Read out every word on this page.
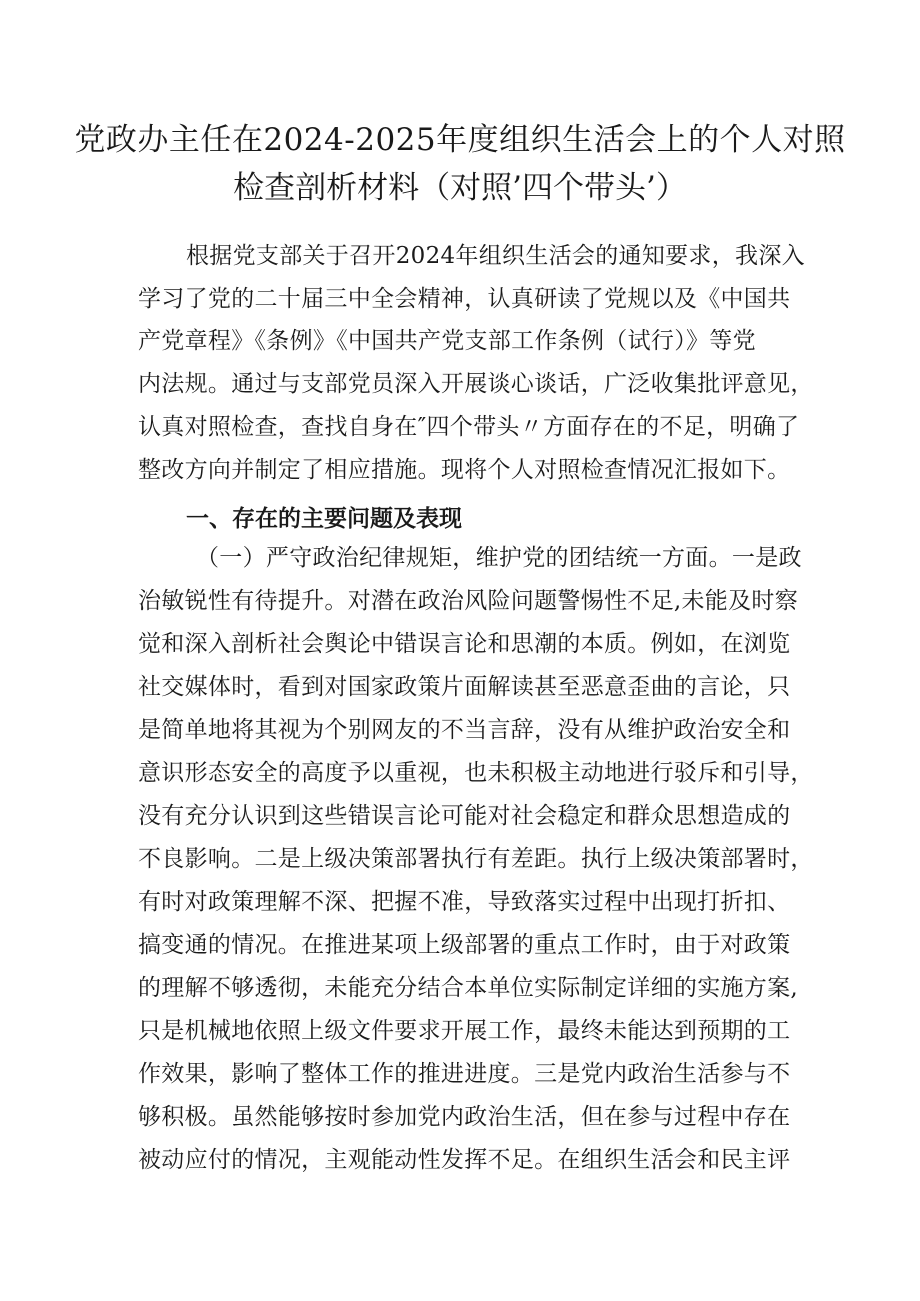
党政办主任在2024-2025年度组织生活会上的个人对照
检查剖析材料（对照’四个带头’）
根据党支部关于召开2024年组织生活会的通知要求，我深入
学习了党的二十届三中全会精神，认真研读了党规以及《中国共
产党章程》《条例》《中国共产党支部工作条例（试行）》等党
内法规。通过与支部党员深入开展谈心谈话，广泛收集批评意见，
认真对照检查，查找自身在″四个带头〃方面存在的不足，明确了
整改方向并制定了相应措施。现将个人对照检查情况汇报如下。
一、存在的主要问题及表现
（一）严守政治纪律规矩，维护党的团结统一方面。一是政
治敏锐性有待提升。对潜在政治风险问题警惕性不足,未能及时察
觉和深入剖析社会舆论中错误言论和思潮的本质。例如，在浏览
社交媒体时，看到对国家政策片面解读甚至恶意歪曲的言论，只
是简单地将其视为个别网友的不当言辞，没有从维护政治安全和
意识形态安全的高度予以重视，也未积极主动地进行驳斥和引导，
没有充分认识到这些错误言论可能对社会稳定和群众思想造成的
不良影响。二是上级决策部署执行有差距。执行上级决策部署时，
有时对政策理解不深、把握不准，导致落实过程中出现打折扣、
搞变通的情况。在推进某项上级部署的重点工作时，由于对政策
的理解不够透彻，未能充分结合本单位实际制定详细的实施方案,
只是机械地依照上级文件要求开展工作，最终未能达到预期的工
作效果，影响了整体工作的推进进度。三是党内政治生活参与不
够积极。虽然能够按时参加党内政治生活，但在参与过程中存在
被动应付的情况，主观能动性发挥不足。在组织生活会和民主评
